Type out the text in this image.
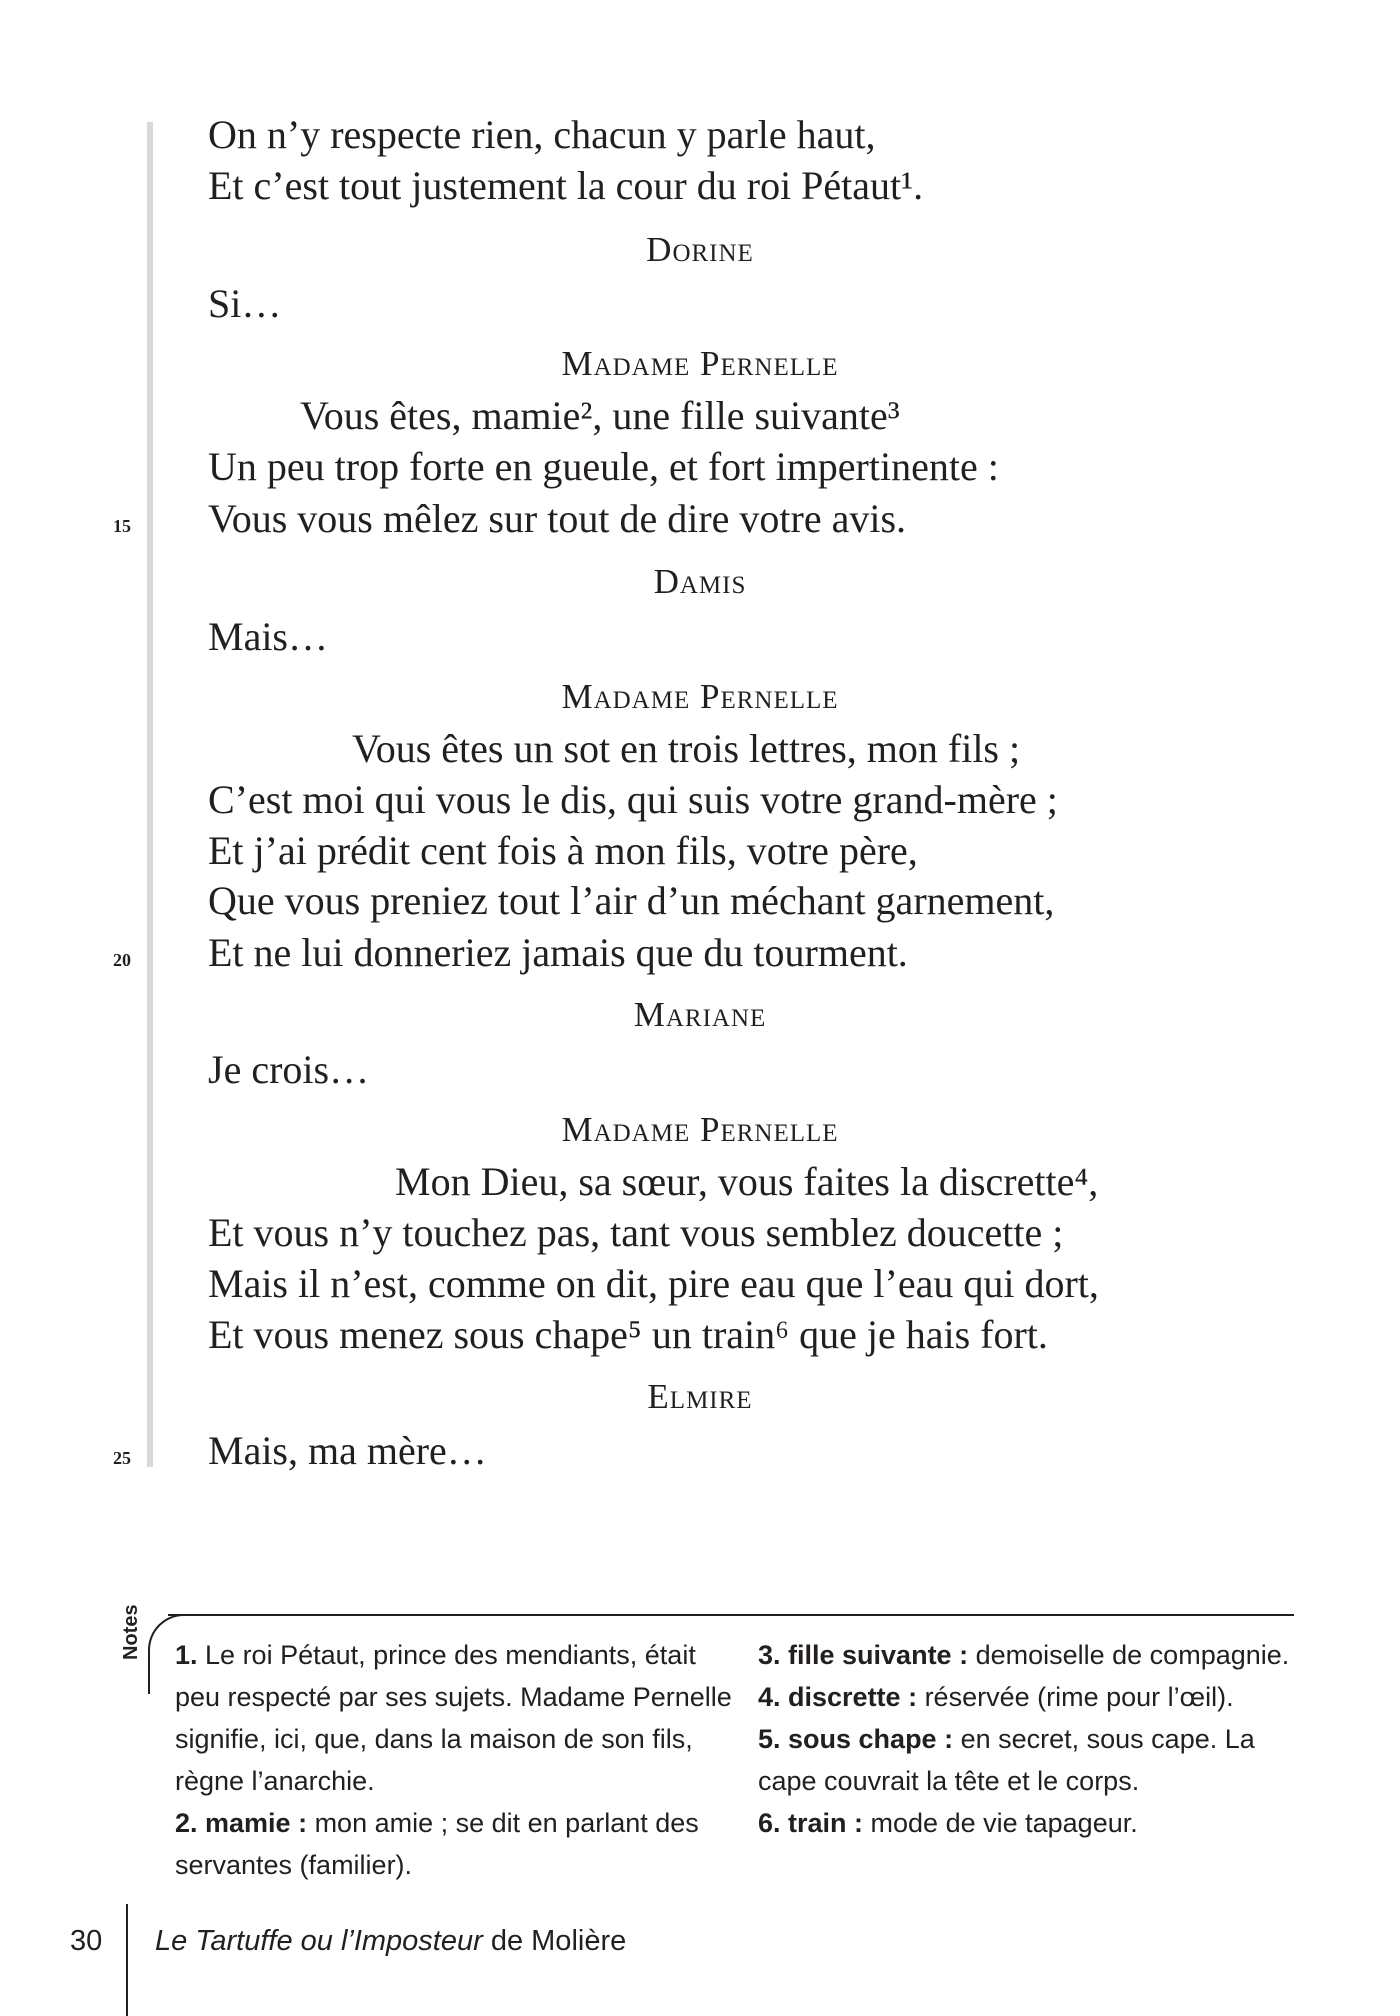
On n’y respecte rien, chacun y parle haut,
Et c’est tout justement la cour du roi Pétaut¹.
Dorine
Si…
Madame Pernelle
Vous êtes, mamie², une fille suivante³
Un peu trop forte en gueule, et fort impertinente :
Vous vous mêlez sur tout de dire votre avis.
15
Damis
Mais…
Madame Pernelle
Vous êtes un sot en trois lettres, mon fils ;
C’est moi qui vous le dis, qui suis votre grand-mère ;
Et j’ai prédit cent fois à mon fils, votre père,
Que vous preniez tout l’air d’un méchant garnement,
Et ne lui donneriez jamais que du tourment.
20
Mariane
Je crois…
Madame Pernelle
Mon Dieu, sa sœur, vous faites la discrette⁴,
Et vous n’y touchez pas, tant vous semblez doucette ;
Mais il n’est, comme on dit, pire eau que l’eau qui dort,
Et vous menez sous chape⁵ un train⁶ que je hais fort.
Elmire
Mais, ma mère…
25
Notes 1. Le roi Pétaut, prince des mendiants, était peu respecté par ses sujets. Madame Pernelle signifie, ici, que, dans la maison de son fils, règne l’anarchie.

2. mamie : mon amie ; se dit en parlant des servantes (familier).

3. fille suivante : demoiselle de compagnie.

4. discrette : réservée (rime pour l’œil).

5. sous chape : en secret, sous cape. La cape couvrait la tête et le corps.

6. train : mode de vie tapageur.

30 Le Tartuffe ou l’Imposteur de Molière
